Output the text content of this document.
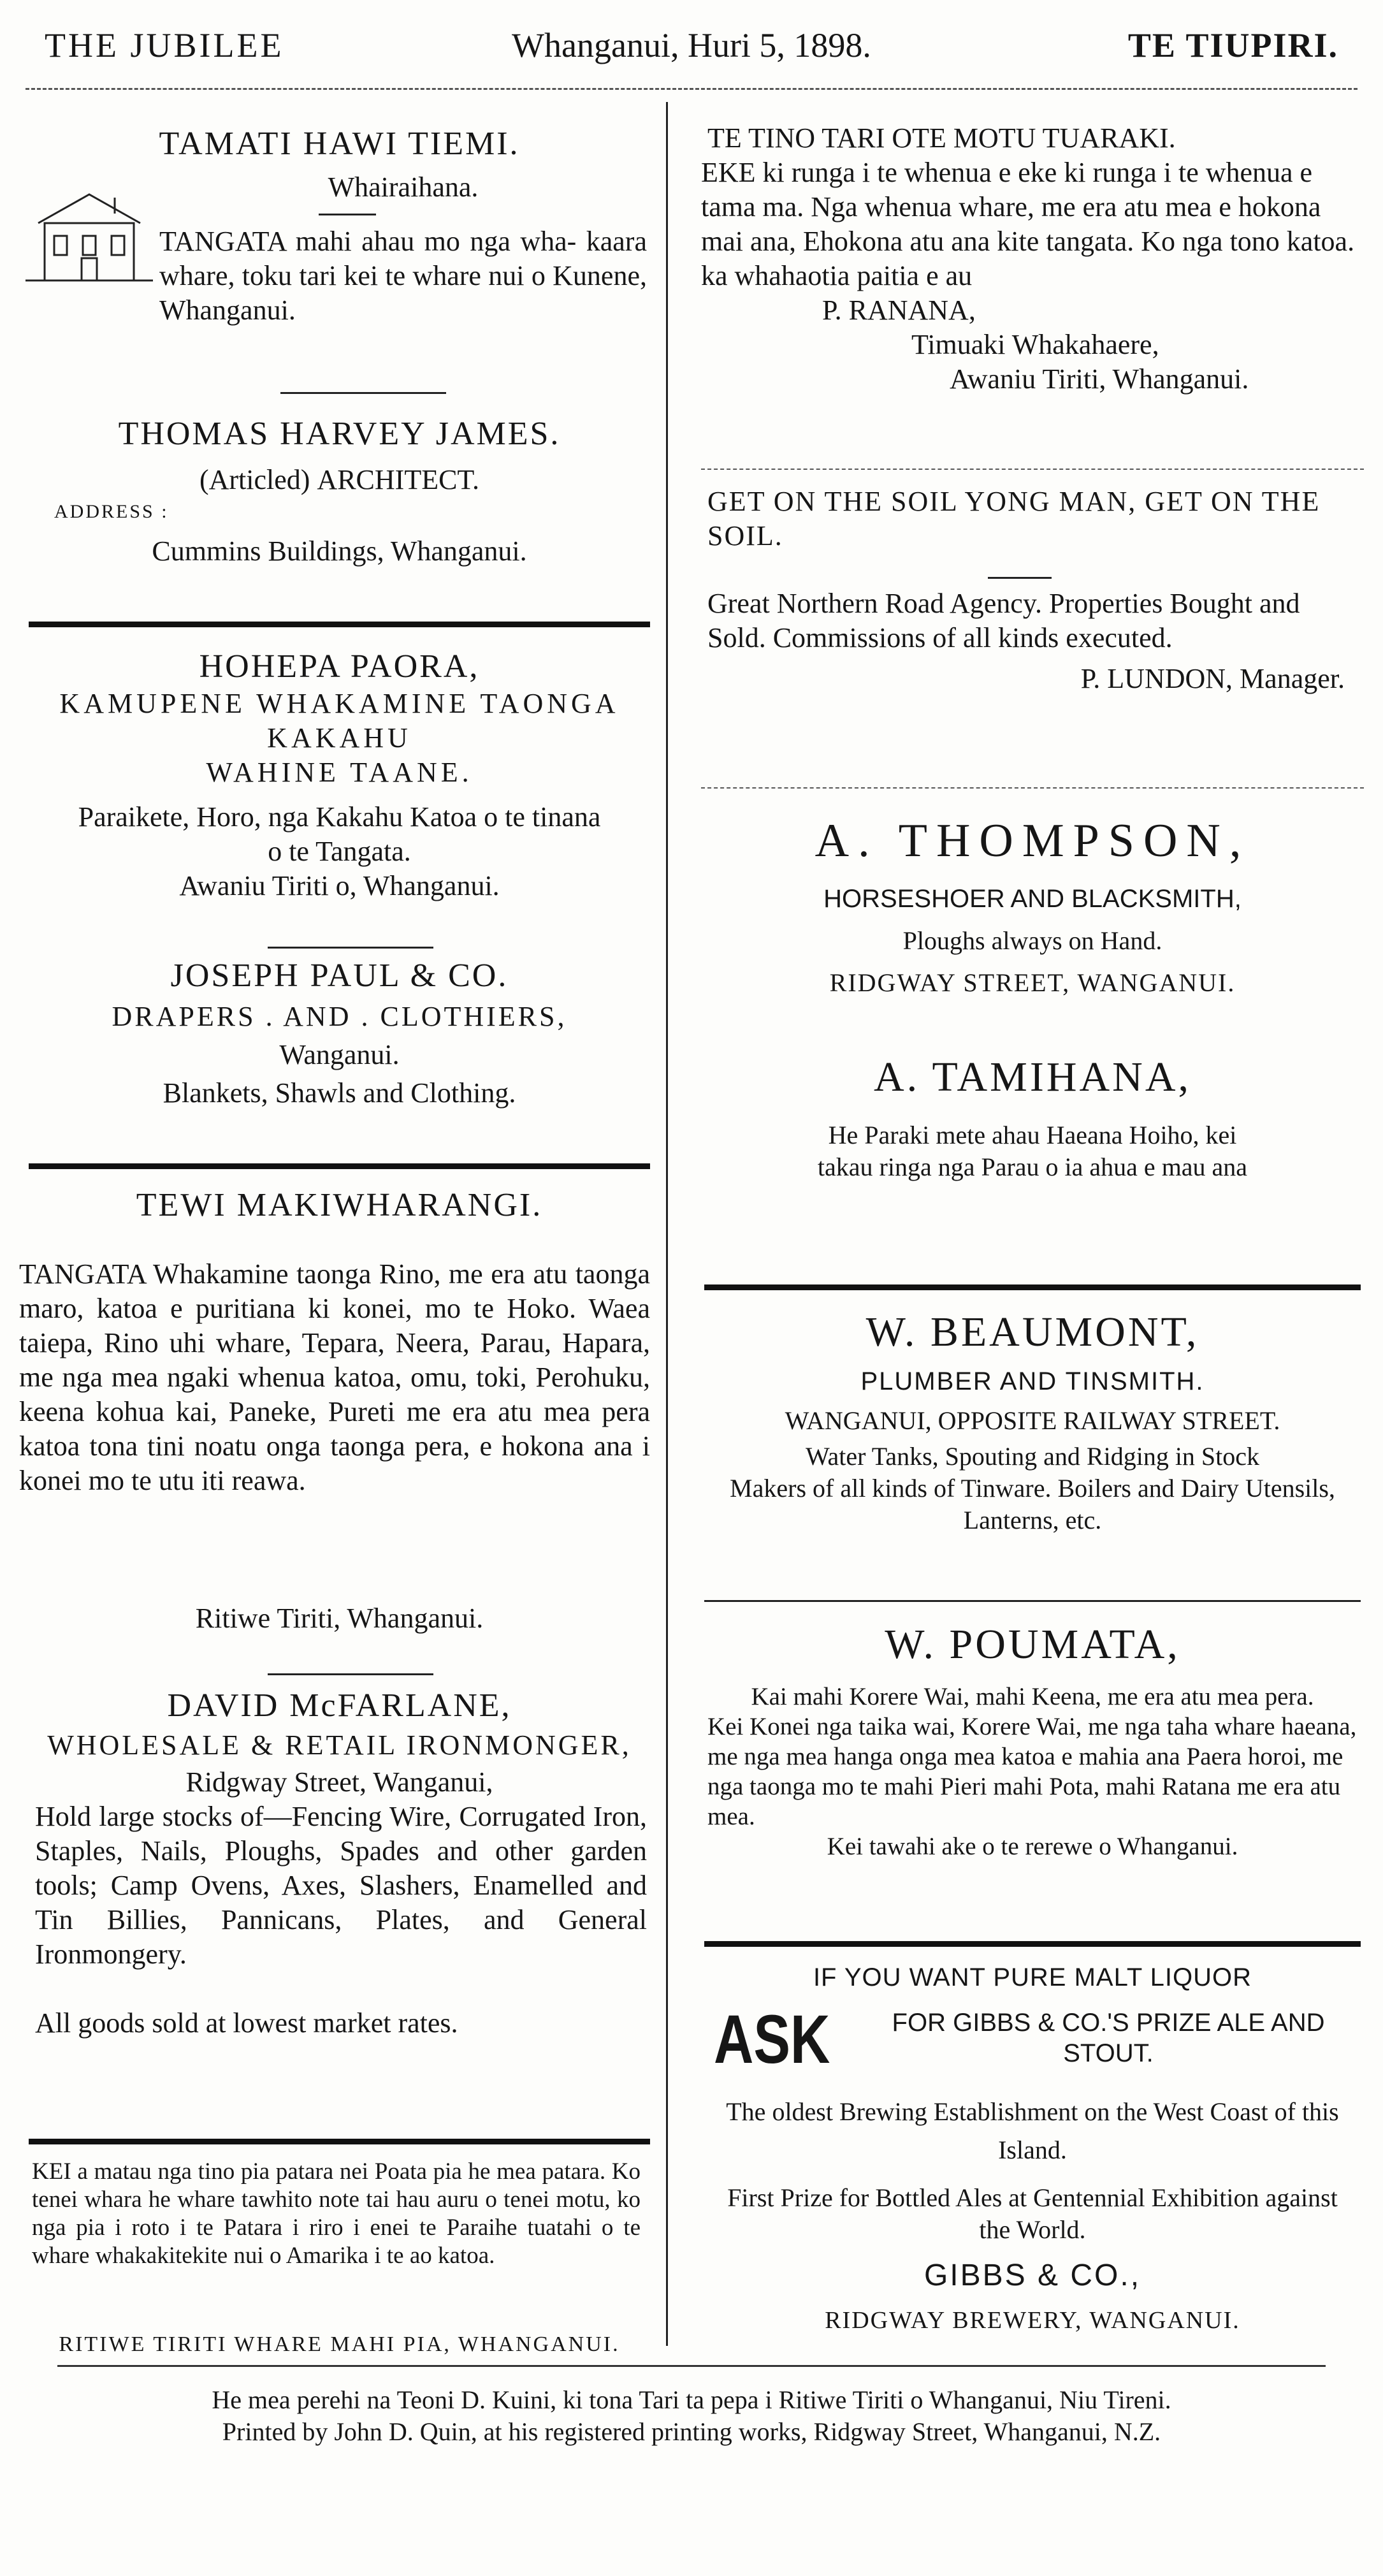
THE JUBILEE	Whanganui, Huri 5, 1898.	TE TIUPIRI.
TAMATI HAWI TIEMI.
Whairaihana.
TANGATA mahi ahau mo nga wha- kaara whare, toku tari kei te whare nui o Kunene, Whanganui.
THOMAS HARVEY JAMES.
(Articled) ARCHITECT.
ADDRESS :
Cummins Buildings, Whanganui.
HOHEPA PAORA,
KAMUPENE WHAKAMINE TAONGA KAKAHU
WAHINE TAANE.
Paraikete, Horo, nga Kakahu Katoa o te tinana o te Tangata.
Awaniu Tiriti o, Whanganui.
JOSEPH PAUL & CO.
DRAPERS . AND . CLOTHIERS,
Wanganui.
Blankets, Shawls and Clothing.
TEWI MAKIWHARANGI.
TANGATA Whakamine taonga Rino, me era atu taonga maro, katoa e puritiana ki konei, mo te Hoko. Waea taiepa, Rino uhi whare, Tepara, Neera, Parau, Hapara, me nga mea ngaki whenua katoa, omu, toki, Perohuku, keena kohua kai, Paneke, Pureti me era atu mea pera katoa tona tini noatu onga taonga pera, e hokona ana i konei mo te utu iti reawa.
Ritiwe Tiriti, Whanganui.
DAVID McFARLANE,
WHOLESALE & RETAIL IRONMONGER,
Ridgway Street, Wanganui,
Hold large stocks of—Fencing Wire, Corrugated Iron, Staples, Nails, Ploughs, Spades and other garden tools; Camp Ovens, Axes, Slashers, Enamelled and Tin Billies, Pannicans, Plates, and General Ironmongery.
All goods sold at lowest market rates.
KEI a matau nga tino pia patara nei Poata pia he mea patara. Ko tenei whara he whare tawhito note tai hau auru o tenei motu, ko nga pia i roto i te Patara i riro i enei te Paraihe tuatahi o te whare whakakitekite nui o Amarika i te ao katoa.
RITIWE TIRITI WHARE MAHI PIA, WHANGANUI.
TE TINO TARI OTE MOTU TUARAKI.
EKE ki runga i te whenua e eke ki runga i te whenua e tama ma. Nga whenua whare, me era atu mea e hokona mai ana, Ehokona atu ana kite tangata. Ko nga tono katoa. ka whahaotia paitia e au
P. RANANA,
Timuaki Whakahaere,
Awaniu Tiriti, Whanganui.
GET ON THE SOIL YONG MAN, GET ON THE SOIL.
Great Northern Road Agency. Properties Bought and Sold. Commissions of all kinds executed.
P. LUNDON, Manager.
A. THOMPSON,
HORSESHOER AND BLACKSMITH,
Ploughs always on Hand.
RIDGWAY STREET, WANGANUI.
A. TAMIHANA,
He Paraki mete ahau Haeana Hoiho, kei takau ringa nga Parau o ia ahua e mau ana
W. BEAUMONT,
PLUMBER AND TINSMITH.
WANGANUI, OPPOSITE RAILWAY STREET.
Water Tanks, Spouting and Ridging in Stock
Makers of all kinds of Tinware. Boilers and Dairy Utensils, Lanterns, etc.
W. POUMATA,
Kai mahi Korere Wai, mahi Keena, me era atu mea pera.
Kei Konei nga taika wai, Korere Wai, me nga taha whare haeana, me nga mea hanga onga mea katoa e mahia ana Paera horoi, me nga taonga mo te mahi Pieri mahi Pota, mahi Ratana me era atu mea.
Kei tawahi ake o te rerewe o Whanganui.
IF YOU WANT PURE MALT LIQUOR
ASK	FOR GIBBS & CO.'S PRIZE ALE AND STOUT.
The oldest Brewing Establishment on the West Coast of this Island.
First Prize for Bottled Ales at Gentennial Exhibition against the World.
GIBBS & CO.,
RIDGWAY BREWERY, WANGANUI.
He mea perehi na Teoni D. Kuini, ki tona Tari ta pepa i Ritiwe Tiriti o Whanganui, Niu Tireni.
Printed by John D. Quin, at his registered printing works, Ridgway Street, Whanganui, N.Z.
